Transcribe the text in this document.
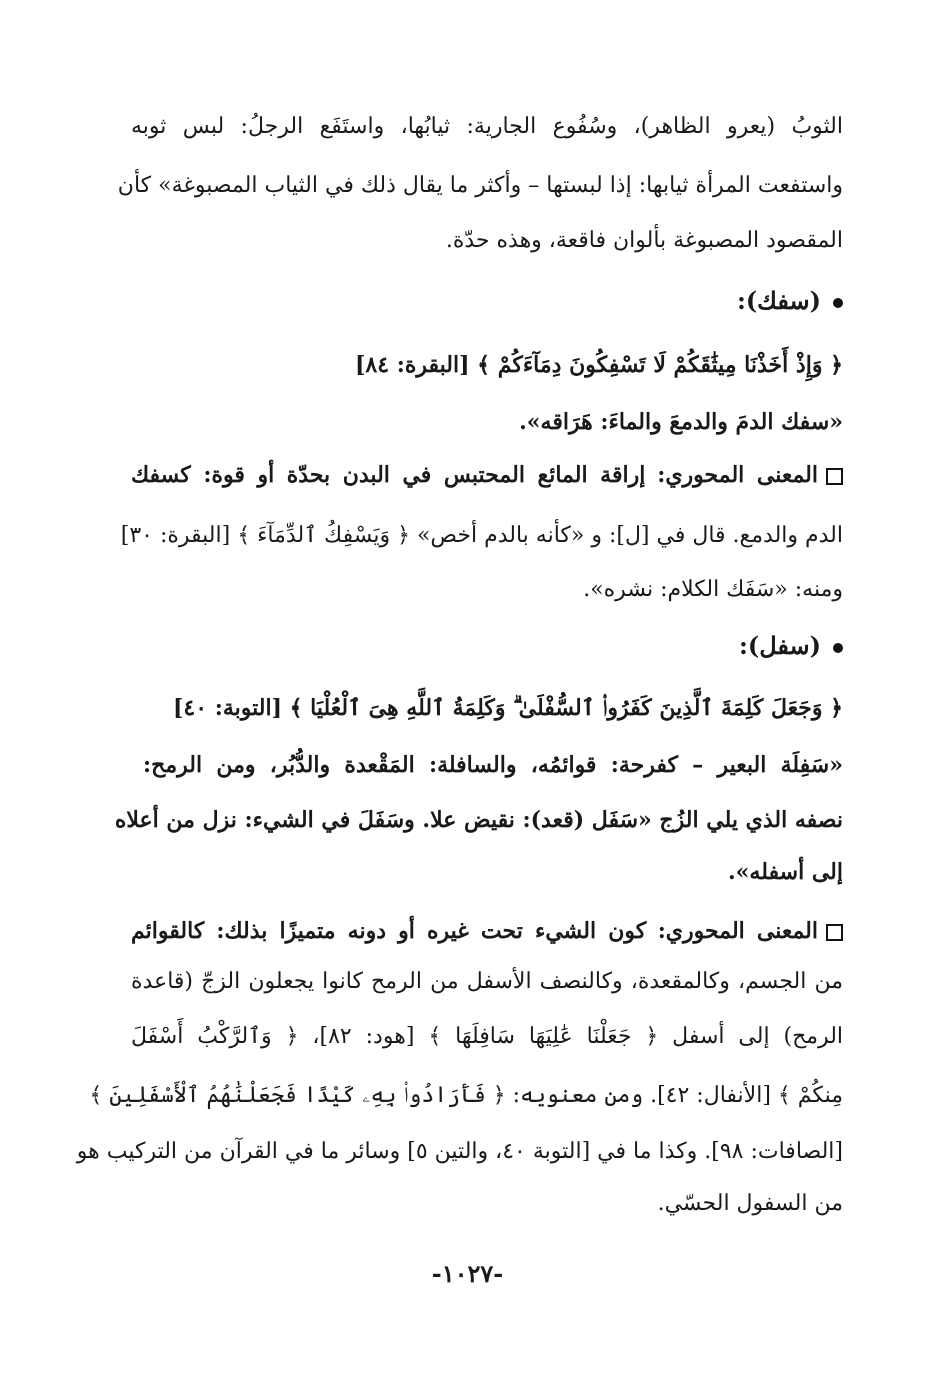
الثوبُ (يعرو الظاهر)، وسُفُوع الجارية: ثيابُها، واستَفَع الرجلُ: لبس ثوبه
واستفعت المرأة ثيابها: إذا لبستها – وأكثر ما يقال ذلك في الثياب المصبوغة» كأن
المقصود المصبوغة بألوان فاقعة، وهذه حدّة.
(سفك):
﴿ وَإِذْ أَخَذْنَا مِيثَٰقَكُمْ لَا تَسْفِكُونَ دِمَآءَكُمْ ﴾ [البقرة: ٨٤]
«سفك الدمَ والدمعَ والماءَ: هَرَاقه».
المعنى المحوري: إراقة المائع المحتبس في البدن بحدّة أو قوة: كسفك
الدم والدمع. قال في [ل]: و «كأنه بالدم أخص» ﴿ وَيَسْفِكُ ٱلدِّمَآءَ ﴾ [البقرة: ٣٠]
ومنه: «سَفَك الكلام: نشره».
(سفل):
﴿ وَجَعَلَ كَلِمَةَ ٱلَّذِينَ كَفَرُوا۟ ٱلسُّفْلَىٰ ۗ وَكَلِمَةُ ٱللَّهِ هِىَ ٱلْعُلْيَا ﴾ [التوبة: ٤٠]
«سَفِلَة البعير – كفرحة: قوائمُه، والسافلة: المَقْعدة والدُّبُر، ومن الرمح:
نصفه الذي يلي الزُج «سَفَل (قعد): نقيض علا. وسَفَلَ في الشيء: نزل من أعلاه
إلى أسفله».
المعنى المحوري: كون الشيء تحت غيره أو دونه متميزًا بذلك: كالقوائم
من الجسم، وكالمقعدة، وكالنصف الأسفل من الرمح كانوا يجعلون الزجّ (قاعدة
الرمح) إلى أسفل ﴿ جَعَلْنَا عَٰلِيَهَا سَافِلَهَا ﴾ [هود: ٨٢]، ﴿ وَٱلرَّكْبُ أَسْفَلَ
مِنكُمْ ﴾ [الأنفال: ٤٢]. ومن معنويه: ﴿ فَأَرَادُوا۟ بِهِۦ كَيْدًا فَجَعَلْنَٰهُمُ ٱلْأَسْفَلِينَ ﴾
[الصافات: ٩٨]. وكذا ما في [التوبة ٤٠، والتين ٥] وسائر ما في القرآن من التركيب هو
من السفول الحسّي.
-١٠٢٧-
